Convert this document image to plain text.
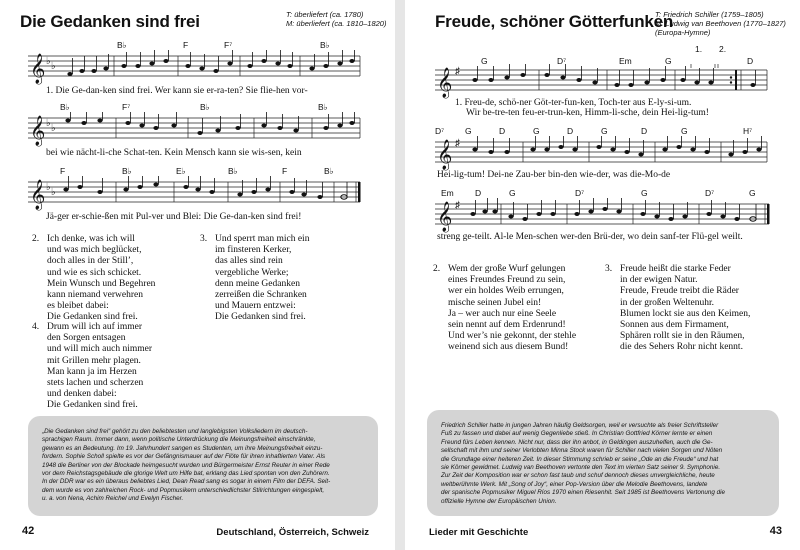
Die Gedanken sind frei	T: überliefert (ca. 1780)
M: überliefert (ca. 1810–1820)
B♭	F	F⁷	B♭
𝄞 ♭ ♭
1. Die Ge-dan-ken sind frei. Wer kann sie er-ra-ten? Sie flie-hen vor-
B♭	F⁷	B♭	B♭
𝄞 ♭ ♭
bei wie nächt-li-che Schat-ten. Kein Mensch kann sie wis-sen, kein
F	B♭	E♭	B♭	F	B♭
𝄞 ♭ ♭
Jä-ger er-schie-ßen mit Pul-ver und Blei: Die Ge-dan-ken sind frei!
2. Ich denke, was ich will
und was mich beglücket,
doch alles in der Still’,
und wie es sich schicket.
Mein Wunsch und Begehren
kann niemand verwehren
es bleibet dabei:
Die Gedanken sind frei.
3. Und sperrt man mich ein
im finsteren Kerker,
das alles sind rein
vergebliche Werke;
denn meine Gedanken
zerreißen die Schranken
und Mauern entzwei:
Die Gedanken sind frei.
4. Drum will ich auf immer
den Sorgen entsagen
und will mich auch nimmer
mit Grillen mehr plagen.
Man kann ja im Herzen
stets lachen und scherzen
und denken dabei:
Die Gedanken sind frei.
„Die Gedanken sind frei“ gehört zu den beliebtesten und langlebigsten Volksliedern im deutsch-
sprachigen Raum. Immer dann, wenn politische Unterdrückung die Meinungsfreiheit einschränkte,
gewann es an Bedeutung. Im 19. Jahrhundert sangen es Studenten, um ihre Meinungsfreiheit einzu-
fordern. Sophie Scholl spielte es vor der Gefängnismauer auf der Flöte für ihren inhaftierten Vater. Als
1948 die Berliner von der Blockade heimgesucht wurden und Bürgermeister Ernst Reuter in einer Rede
vor dem Reichstagsgebäude die glorige Welt um Hilfe bat, erklang das Lied spontan von den Zuhörern.
In der DDR war es ein überaus beliebtes Lied, Dean Read sang es sogar in einem Film der DEFA. Seit-
dem wurde es von zahlreichen Rock- und Popmusikern unterschiedlichster Stilrichtungen eingespielt,
u. a. von Nena, Achim Reichel und Evelyn Fischer.
42	Deutschland, Österreich, Schweiz
Freude, schöner Götterfunken
T: Friedrich Schiller (1759–1805)
M: Ludwig van Beethoven (1770–1827)
(Europa-Hymne)
G	D⁷	Em	G	D
1. 2.
𝄞 ♯
1. Freu-de, schö-ner Göt-ter-fun-ken, Toch-ter aus E-ly-si-um.
Wir be-tre-ten feu-er-trun-ken, Himm-li-sche, dein Hei-lig-tum!
D⁷ G	D	G	D	G	D	G	H⁷
𝄞 ♯
Hei-lig-tum! Dei-ne Zau-ber bin-den wie-der, was die-Mo-de
Em	D	G	D⁷	G	D⁷	G
𝄞 ♯
streng ge-teilt. Al-le Men-schen wer-den Brü-der, wo dein sanf-ter Flü-gel weilt.
2. Wem der große Wurf gelungen
eines Freundes Freund zu sein,
wer ein holdes Weib errungen,
mische seinen Jubel ein!
Ja – wer auch nur eine Seele
sein nennt auf dem Erdenrund!
Und wer’s nie gekonnt, der stehle
weinend sich aus diesem Bund!
3. Freude heißt die starke Feder
in der ewigen Natur.
Freude, Freude treibt die Räder
in der großen Weltenuhr.
Blumen lockt sie aus den Keimen,
Sonnen aus dem Firmament,
Sphären rollt sie in den Räumen,
die des Sehers Rohr nicht kennt.
Friedrich Schiller hatte in jungen Jahren häufig Geldsorgen, weil er versuchte als freier Schriftsteller
Fuß zu fassen und dabei auf wenig Gegenliebe stieß. In Christian Gottfried Körner lernte er einen
Freund fürs Leben kennen. Nicht nur, dass der ihn anbot, in Geldingen auszuhelfen, auch die Ge-
sellschaft mit ihm und seiner Verlobten Minna Stock waren für Schiller nach vielen Sorgen und Nöten
die Grundlage einer heiteren Zeit. In dieser Stimmung schrieb er seine „Ode an die Freude“ und hat
sie Körner gewidmet. Ludwig van Beethoven vertonte den Text im vierten Satz seiner 9. Symphonie.
Zur Zeit der Komposition war er schon fast taub und schuf dennoch dieses unvergleichliche, heute
weltberühmte Werk. Mit „Song of Joy“, einer Pop-Version über die Melodie Beethovens, landete
der spanische Popmusiker Miguel Ríos 1970 einen Riesenhit. Seit 1985 ist Beethovens Vertonung die
offizielle Hymne der Europäischen Union.
Lieder mit Geschichte	43
